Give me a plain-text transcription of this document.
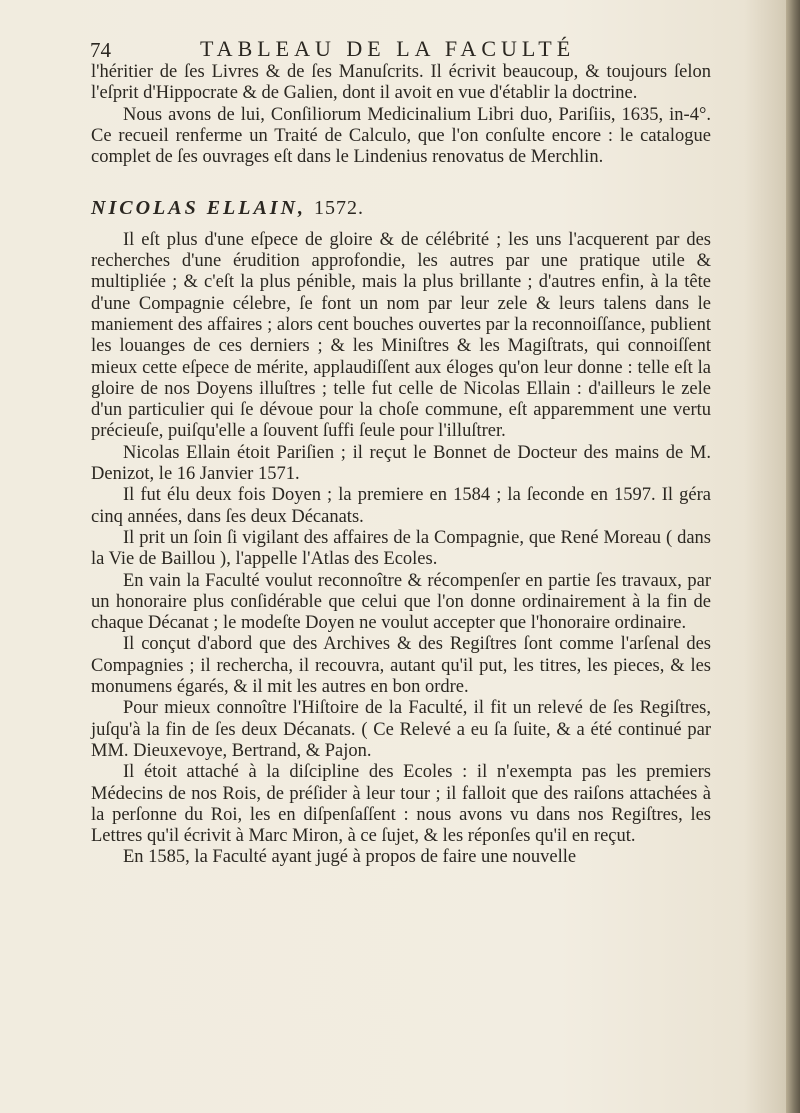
74	TABLEAU DE LA FACULTÉ

l'héritier de ſes Livres & de ſes Manuſcrits. Il écrivit beaucoup, & toujours ſelon l'eſprit d'Hippocrate & de Galien, dont il avoit en vue d'établir la doctrine.

Nous avons de lui, Conſiliorum Medicinalium Libri duo, Pariſiis, 1635, in-4°. Ce recueil renferme un Traité de Calculo, que l'on conſulte encore : le catalogue complet de ſes ouvrages eſt dans le Lindenius renovatus de Merchlin.

NICOLAS ELLAIN, 1572.

Il eſt plus d'une eſpece de gloire & de célébrité ; les uns l'acquerent par des recherches d'une érudition approfondie, les autres par une pratique utile & multipliée ; & c'eſt la plus pénible, mais la plus brillante ; d'autres enfin, à la tête d'une Compagnie célebre, ſe font un nom par leur zele & leurs talens dans le maniement des affaires ; alors cent bouches ouvertes par la reconnoiſſance, publient les louanges de ces derniers ; & les Miniſtres & les Magiſtrats, qui connoiſſent mieux cette eſpece de mérite, applaudiſſent aux éloges qu'on leur donne : telle eſt la gloire de nos Doyens illuſtres ; telle fut celle de Nicolas Ellain : d'ailleurs le zele d'un particulier qui ſe dévoue pour la choſe commune, eſt apparemment une vertu précieuſe, puiſqu'elle a ſouvent ſuffi ſeule pour l'illuſtrer.

Nicolas Ellain étoit Pariſien ; il reçut le Bonnet de Docteur des mains de M. Denizot, le 16 Janvier 1571.

Il fut élu deux fois Doyen ; la premiere en 1584 ; la ſeconde en 1597. Il géra cinq années, dans ſes deux Décanats.

Il prit un ſoin ſi vigilant des affaires de la Compagnie, que René Moreau ( dans la Vie de Baillou ), l'appelle l'Atlas des Ecoles.

En vain la Faculté voulut reconnoître & récompenſer en partie ſes travaux, par un honoraire plus conſidérable que celui que l'on donne ordinairement à la fin de chaque Décanat ; le modeſte Doyen ne voulut accepter que l'honoraire ordinaire.

Il conçut d'abord que des Archives & des Regiſtres ſont comme l'arſenal des Compagnies ; il rechercha, il recouvra, autant qu'il put, les titres, les pieces, & les monumens égarés, & il mit les autres en bon ordre.

Pour mieux connoître l'Hiſtoire de la Faculté, il fit un relevé de ſes Regiſtres, juſqu'à la fin de ſes deux Décanats. ( Ce Relevé a eu ſa ſuite, & a été continué par MM. Dieuxevoye, Bertrand, & Pajon.

Il étoit attaché à la diſcipline des Ecoles : il n'exempta pas les premiers Médecins de nos Rois, de préſider à leur tour ; il falloit que des raiſons attachées à la perſonne du Roi, les en diſpenſaſſent : nous avons vu dans nos Regiſtres, les Lettres qu'il écrivit à Marc Miron, à ce ſujet, & les réponſes qu'il en reçut.

En 1585, la Faculté ayant jugé à propos de faire une nouvelle
